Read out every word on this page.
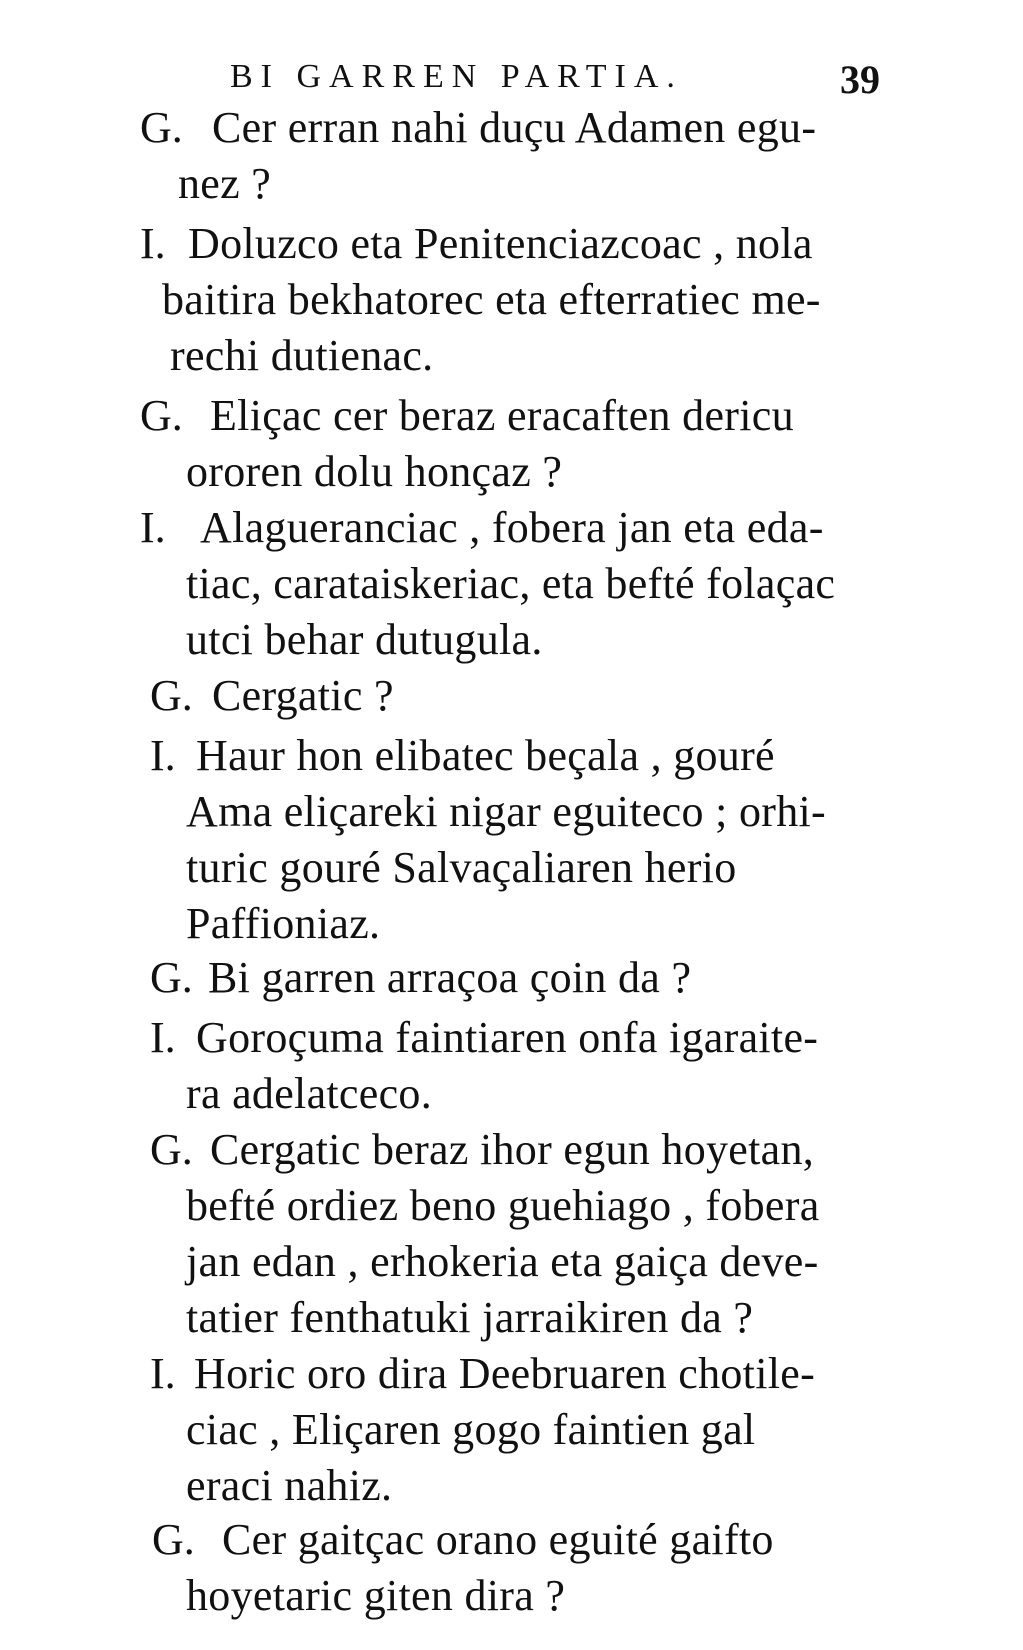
BI GARREN PARTIA.	39
G. Cer erran nahi duçu Adamen egu-
nez ?
I. Doluzco eta Penitenciazcoac , nola
baitira bekhatorec eta efterratiec me-
rechi dutienac.
G. Eliçac cer beraz eracaften dericu
ororen dolu honçaz ?
I. Alagueranciac , fobera jan eta eda-
tiac, carataiskeriac, eta befté folaçac
utci behar dutugula.
G. Cergatic ?
I. Haur hon elibatec beçala , gouré
Ama eliçareki nigar eguiteco ; orhi-
turic gouré Salvaçaliaren herio
Paffioniaz.
G. Bi garren arraçoa çoin da ?
I. Goroçuma faintiaren onfa igaraite-
ra adelatceco.
G. Cergatic beraz ihor egun hoyetan,
befté ordiez beno guehiago , fobera
jan edan , erhokeria eta gaiça deve-
tatier fenthatuki jarraikiren da ?
I. Horic oro dira Deebruaren chotile-
ciac , Eliçaren gogo faintien gal
eraci nahiz.
G. Cer gaitçac orano eguité gaifto
hoyetaric giten dira ?
